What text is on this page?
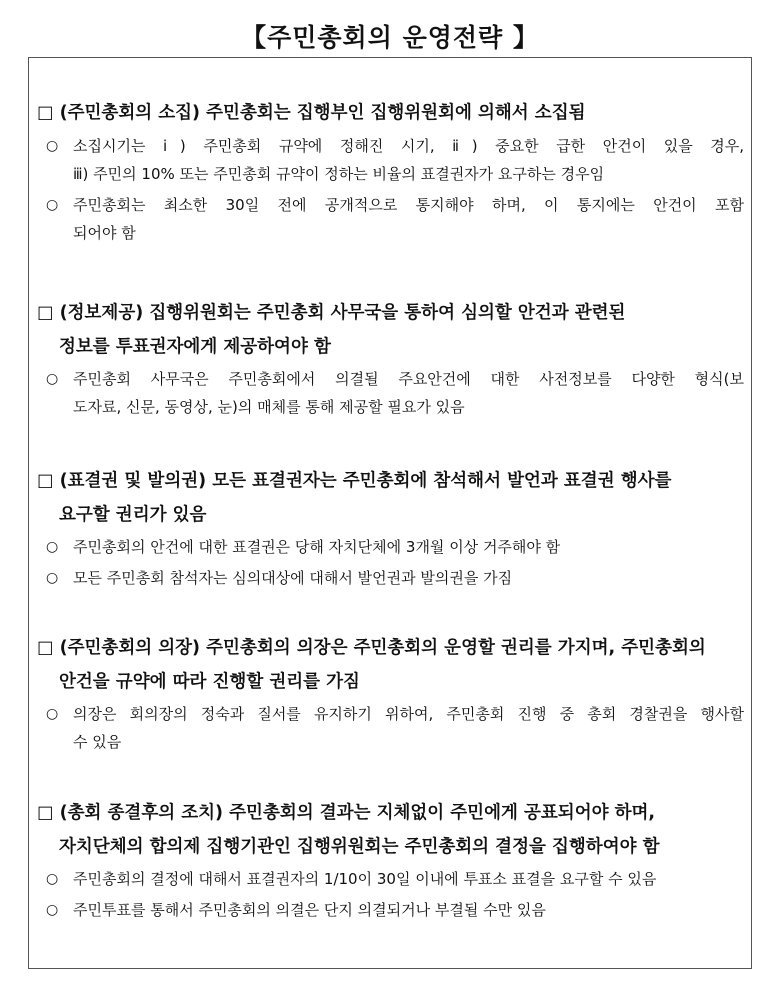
【주민총회의 운영전략 】
□ (주민총회의 소집) 주민총회는 집행부인 집행위원회에 의해서 소집됨
○ 소집시기는 ⅰ) 주민총회 규약에 정해진 시기, ⅱ) 중요한 급한 안건이 있을 경우,
ⅲ) 주민의 10% 또는 주민총회 규약이 정하는 비율의 표결권자가 요구하는 경우임
○ 주민총회는 최소한 30일 전에 공개적으로 통지해야 하며, 이 통지에는 안건이 포함
되어야 함
□ (정보제공) 집행위원회는 주민총회 사무국을 통하여 심의할 안건과 관련된
정보를 투표권자에게 제공하여야 함
○ 주민총회 사무국은 주민총회에서 의결될 주요안건에 대한 사전정보를 다양한 형식(보
도자료, 신문, 동영상, 눈)의 매체를 통해 제공할 필요가 있음
□ (표결권 및 발의권) 모든 표결권자는 주민총회에 참석해서 발언과 표결권 행사를
요구할 권리가 있음
○ 주민총회의 안건에 대한 표결권은 당해 자치단체에 3개월 이상 거주해야 함
○ 모든 주민총회 참석자는 심의대상에 대해서 발언권과 발의권을 가짐
□ (주민총회의 의장) 주민총회의 의장은 주민총회의 운영할 권리를 가지며, 주민총회의
안건을 규약에 따라 진행할 권리를 가짐
○ 의장은 회의장의 정숙과 질서를 유지하기 위하여, 주민총회 진행 중 총회 경찰권을 행사할
수 있음
□ (총회 종결후의 조치) 주민총회의 결과는 지체없이 주민에게 공표되어야 하며,
자치단체의 합의제 집행기관인 집행위원회는 주민총회의 결정을 집행하여야 함
○ 주민총회의 결정에 대해서 표결권자의 1/10이 30일 이내에 투표소 표결을 요구할 수 있음
○ 주민투표를 통해서 주민총회의 의결은 단지 의결되거나 부결될 수만 있음
